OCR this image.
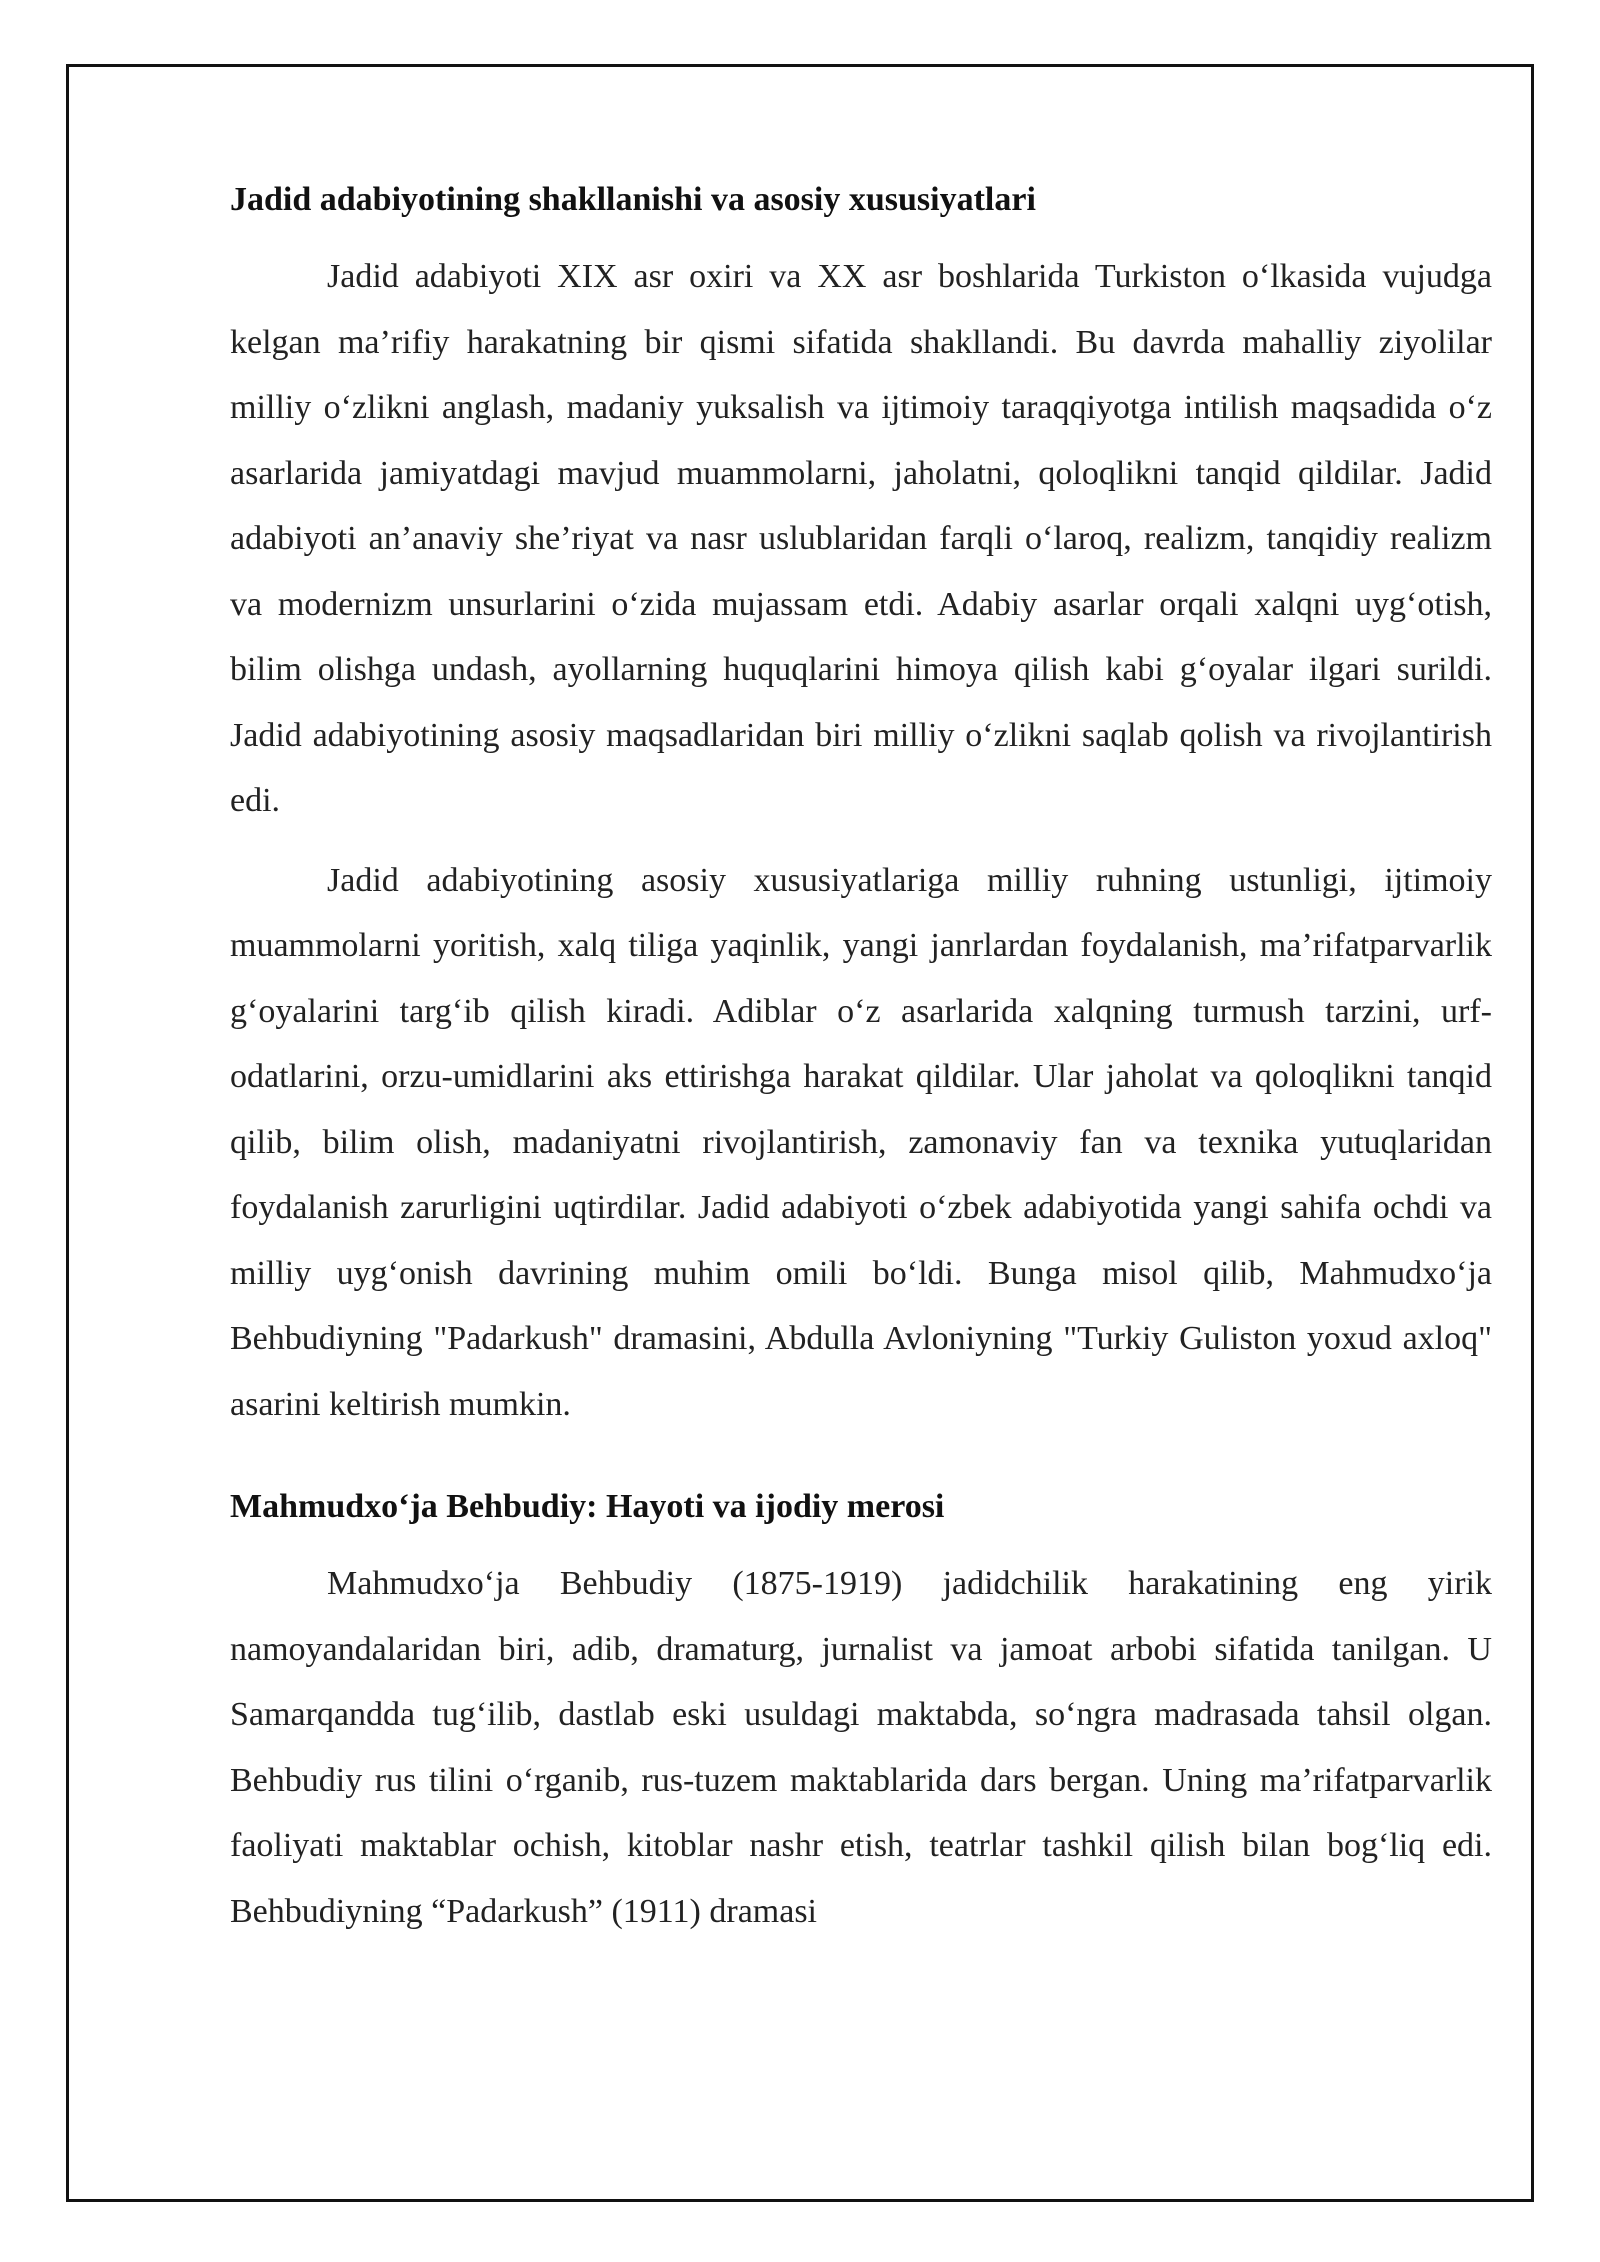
Jadid adabiyotining shakllanishi va asosiy xususiyatlari

Jadid adabiyoti XIX asr oxiri va XX asr boshlarida Turkiston o‘lkasida vujudga kelgan ma’rifiy harakatning bir qismi sifatida shakllandi. Bu davrda mahalliy ziyolilar milliy o‘zlikni anglash, madaniy yuksalish va ijtimoiy taraqqiyotga intilish maqsadida o‘z asarlarida jamiyatdagi mavjud muammolarni, jaholatni, qoloqlikni tanqid qildilar. Jadid adabiyoti an’anaviy she’riyat va nasr uslublaridan farqli o‘laroq, realizm, tanqidiy realizm va modernizm unsurlarini o‘zida mujassam etdi. Adabiy asarlar orqali xalqni uyg‘otish, bilim olishga undash, ayollarning huquqlarini himoya qilish kabi g‘oyalar ilgari surildi. Jadid adabiyotining asosiy maqsadlaridan biri milliy o‘zlikni saqlab qolish va rivojlantirish edi.

Jadid adabiyotining asosiy xususiyatlariga milliy ruhning ustunligi, ijtimoiy muammolarni yoritish, xalq tiliga yaqinlik, yangi janrlardan foydalanish, ma’rifatparvarlik g‘oyalarini targ‘ib qilish kiradi. Adiblar o‘z asarlarida xalqning turmush tarzini, urf-odatlarini, orzu-umidlarini aks ettirishga harakat qildilar. Ular jaholat va qoloqlikni tanqid qilib, bilim olish, madaniyatni rivojlantirish, zamonaviy fan va texnika yutuqlaridan foydalanish zarurligini uqtirdilar. Jadid adabiyoti o‘zbek adabiyotida yangi sahifa ochdi va milliy uyg‘onish davrining muhim omili bo‘ldi. Bunga misol qilib, Mahmudxo‘ja Behbudiyning "Padarkush" dramasini, Abdulla Avloniyning "Turkiy Guliston yoxud axloq" asarini keltirish mumkin.

Mahmudxo‘ja Behbudiy: Hayoti va ijodiy merosi

Mahmudxo‘ja Behbudiy (1875-1919) jadidchilik harakatining eng yirik namoyandalaridan biri, adib, dramaturg, jurnalist va jamoat arbobi sifatida tanilgan. U Samarqandda tug‘ilib, dastlab eski usuldagi maktabda, so‘ngra madrasada tahsil olgan. Behbudiy rus tilini o‘rganib, rus-tuzem maktablarida dars bergan. Uning ma’rifatparvarlik faoliyati maktablar ochish, kitoblar nashr etish, teatrlar tashkil qilish bilan bog‘liq edi. Behbudiyning “Padarkush” (1911) dramasi
